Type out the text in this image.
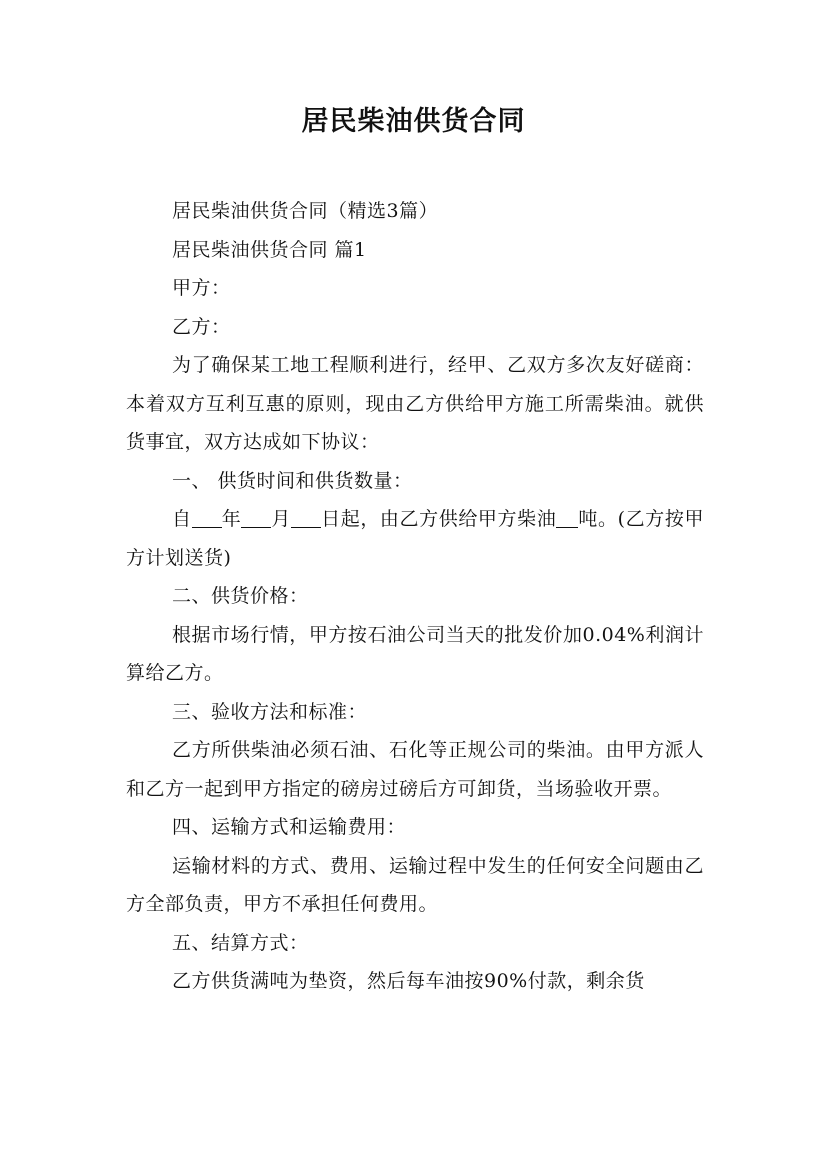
居民柴油供货合同

居民柴油供货合同（精选3篇）

居民柴油供货合同 篇1

甲方：

乙方：

为了确保某工地工程顺利进行，经甲、乙双方多次友好磋商：本着双方互利互惠的原则，现由乙方供给甲方施工所需柴油。就供货事宜，双方达成如下协议：

一、 供货时间和供货数量：

自 年 月 日起，由乙方供给甲方柴油 吨。(乙方按甲方计划送货)

二、供货价格：

根据市场行情，甲方按石油公司当天的批发价加0.04%利润计算给乙方。

三、验收方法和标准：

乙方所供柴油必须石油、石化等正规公司的柴油。由甲方派人和乙方一起到甲方指定的磅房过磅后方可卸货，当场验收开票。

四、运输方式和运输费用：

运输材料的方式、费用、运输过程中发生的任何安全问题由乙方全部负责，甲方不承担任何费用。

五、结算方式：

乙方供货满吨为垫资，然后每车油按90%付款，剩余货
